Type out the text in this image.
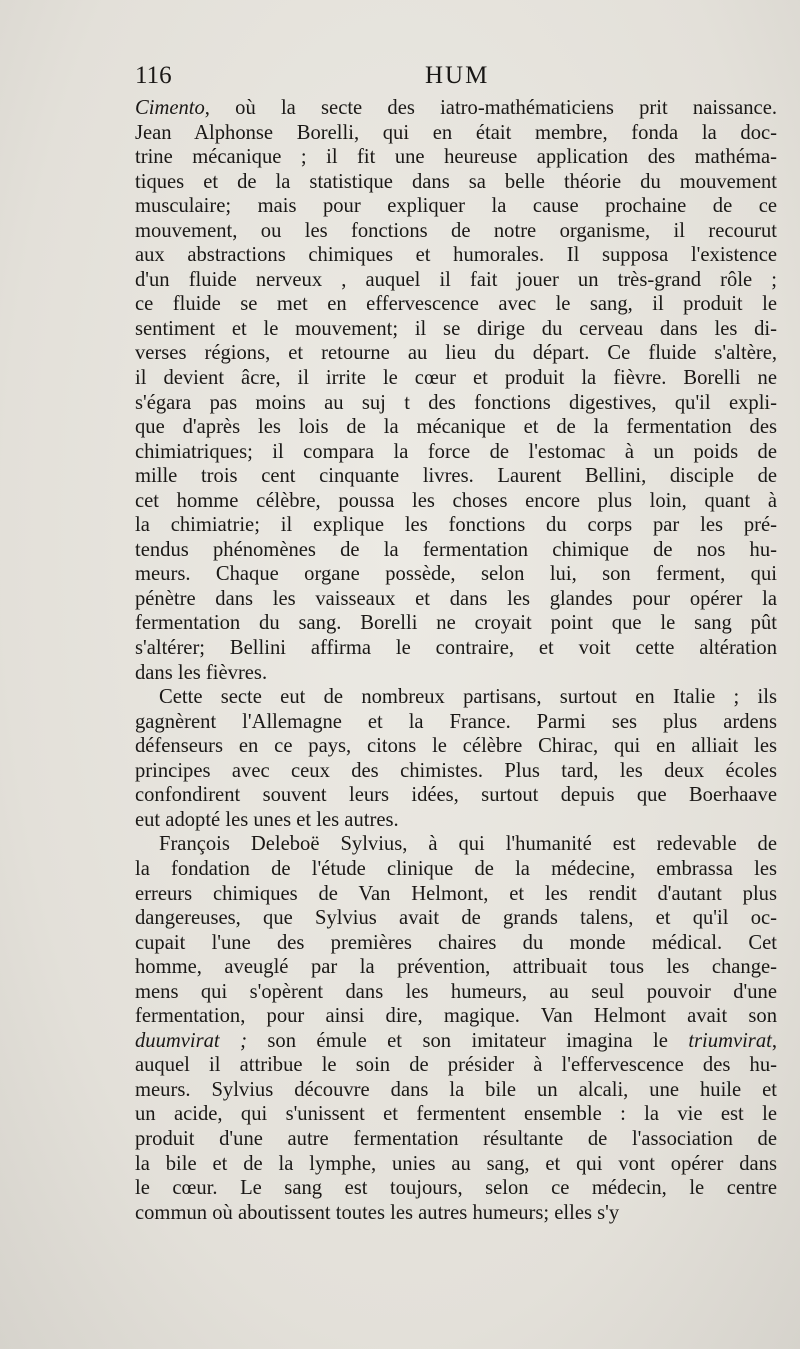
116	HUM
Cimento, où la secte des iatro-mathématiciens prit naissance.
Jean Alphonse Borelli, qui en était membre, fonda la doc-
trine mécanique ; il fit une heureuse application des mathéma-
tiques et de la statistique dans sa belle théorie du mouvement
musculaire; mais pour expliquer la cause prochaine de ce
mouvement, ou les fonctions de notre organisme, il recourut
aux abstractions chimiques et humorales. Il supposa l'existence
d'un fluide nerveux , auquel il fait jouer un très-grand rôle ;
ce fluide se met en effervescence avec le sang, il produit le
sentiment et le mouvement; il se dirige du cerveau dans les di-
verses régions, et retourne au lieu du départ. Ce fluide s'altère,
il devient âcre, il irrite le cœur et produit la fièvre. Borelli ne
s'égara pas moins au suj t des fonctions digestives, qu'il expli-
que d'après les lois de la mécanique et de la fermentation des
chimiatriques; il compara la force de l'estomac à un poids de
mille trois cent cinquante livres. Laurent Bellini, disciple de
cet homme célèbre, poussa les choses encore plus loin, quant à
la chimiatrie; il explique les fonctions du corps par les pré-
tendus phénomènes de la fermentation chimique de nos hu-
meurs. Chaque organe possède, selon lui, son ferment, qui
pénètre dans les vaisseaux et dans les glandes pour opérer la
fermentation du sang. Borelli ne croyait point que le sang pût
s'altérer; Bellini affirma le contraire, et voit cette altération
dans les fièvres.
Cette secte eut de nombreux partisans, surtout en Italie ; ils
gagnèrent l'Allemagne et la France. Parmi ses plus ardens
défenseurs en ce pays, citons le célèbre Chirac, qui en alliait les
principes avec ceux des chimistes. Plus tard, les deux écoles
confondirent souvent leurs idées, surtout depuis que Boerhaave
eut adopté les unes et les autres.
François Deleboë Sylvius, à qui l'humanité est redevable de
la fondation de l'étude clinique de la médecine, embrassa les
erreurs chimiques de Van Helmont, et les rendit d'autant plus
dangereuses, que Sylvius avait de grands talens, et qu'il oc-
cupait l'une des premières chaires du monde médical. Cet
homme, aveuglé par la prévention, attribuait tous les change-
mens qui s'opèrent dans les humeurs, au seul pouvoir d'une
fermentation, pour ainsi dire, magique. Van Helmont avait son
duumvirat ; son émule et son imitateur imagina le triumvirat,
auquel il attribue le soin de présider à l'effervescence des hu-
meurs. Sylvius découvre dans la bile un alcali, une huile et
un acide, qui s'unissent et fermentent ensemble : la vie est le
produit d'une autre fermentation résultante de l'association de
la bile et de la lymphe, unies au sang, et qui vont opérer dans
le cœur. Le sang est toujours, selon ce médecin, le centre
commun où aboutissent toutes les autres humeurs; elles s'y
